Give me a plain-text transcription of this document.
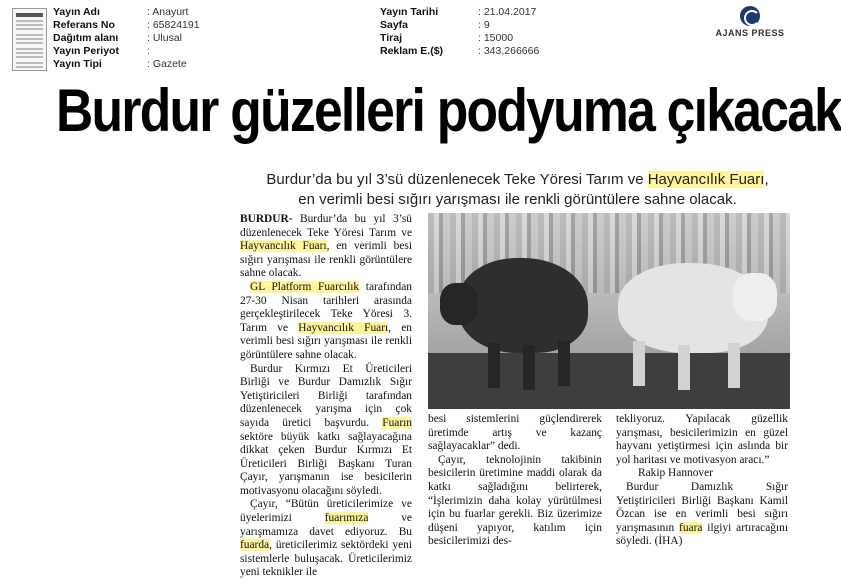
Yayın Adı	: Anayurt
Referans No	: 65824191
Dağıtım alanı	: Ulusal
Yayın Periyot	:
Yayın Tipi	: Gazete
Yayın Tarihi	: 21.04.2017
Sayfa	: 9
Tiraj	: 15000
Reklam E.($)	: 343,266666
AJANS PRESS
Burdur güzelleri podyuma çıkacak
Burdur’da bu yıl 3’sü düzenlenecek Teke Yöresi Tarım ve Hayvancılık Fuarı,
en verimli besi sığırı yarışması ile renkli görüntülere sahne olacak.

BURDUR- Burdur’da bu yıl 3’sü düzenlenecek Teke Yöresi Tarım ve Hayvancılık Fuarı, en verimli besi sığırı yarışması ile renkli görüntülere sahne olacak.

GL Platform Fuarcılık tarafından 27-30 Nisan tarihleri arasında gerçekleştirilecek Teke Yöresi 3. Tarım ve Hayvancılık Fuarı, en verimli besi sığırı yarışması ile renkli görüntülere sahne olacak.

Burdur Kırmızı Et Üreticileri Birliği ve Burdur Damızlık Sığır Yetiştiricileri Birliği tarafından düzenlenecek yarışma için çok sayıda üretici başvurdu. Fuarın sektöre büyük katkı sağlayacağına dikkat çeken Burdur Kırmızı Et Üreticileri Birliği Başkanı Turan Çayır, yarışmanın ise besicilerin motivasyonu olacağını söyledi.

Çayır, “Bütün üreticilerimize ve üyelerimizi fuarımıza ve yarışmamıza davet ediyoruz. Bu fuarda, üreticilerimiz sektördeki yeni sistemlerle buluşacak. Üreticilerimiz yeni teknikler ile

besi sistemlerini güçlendirerek üretimde artış ve kazanç sağlayacaklar” dedi.

Çayır, teknolojinin takibinin besicilerin üretimine maddi olarak da katkı sağladığını belirterek, “İşlerimizin daha kolay yürütülmesi için bu fuarlar gerekli. Biz üzerimize düşeni yapıyor, katılım için besicilerimizi des-

tekliyoruz. Yapılacak güzellik yarışması, besicilerimizin en güzel hayvanı yetiştirmesi için aslında bir yol haritası ve motivasyon aracı.”

Rakip Hannover

Burdur Damızlık Sığır Yetiştiricileri Birliği Başkanı Kamil Özcan ise en verimli besi sığırı yarışmasının fuara ilgiyi artıracağını söyledi. (İHA)
